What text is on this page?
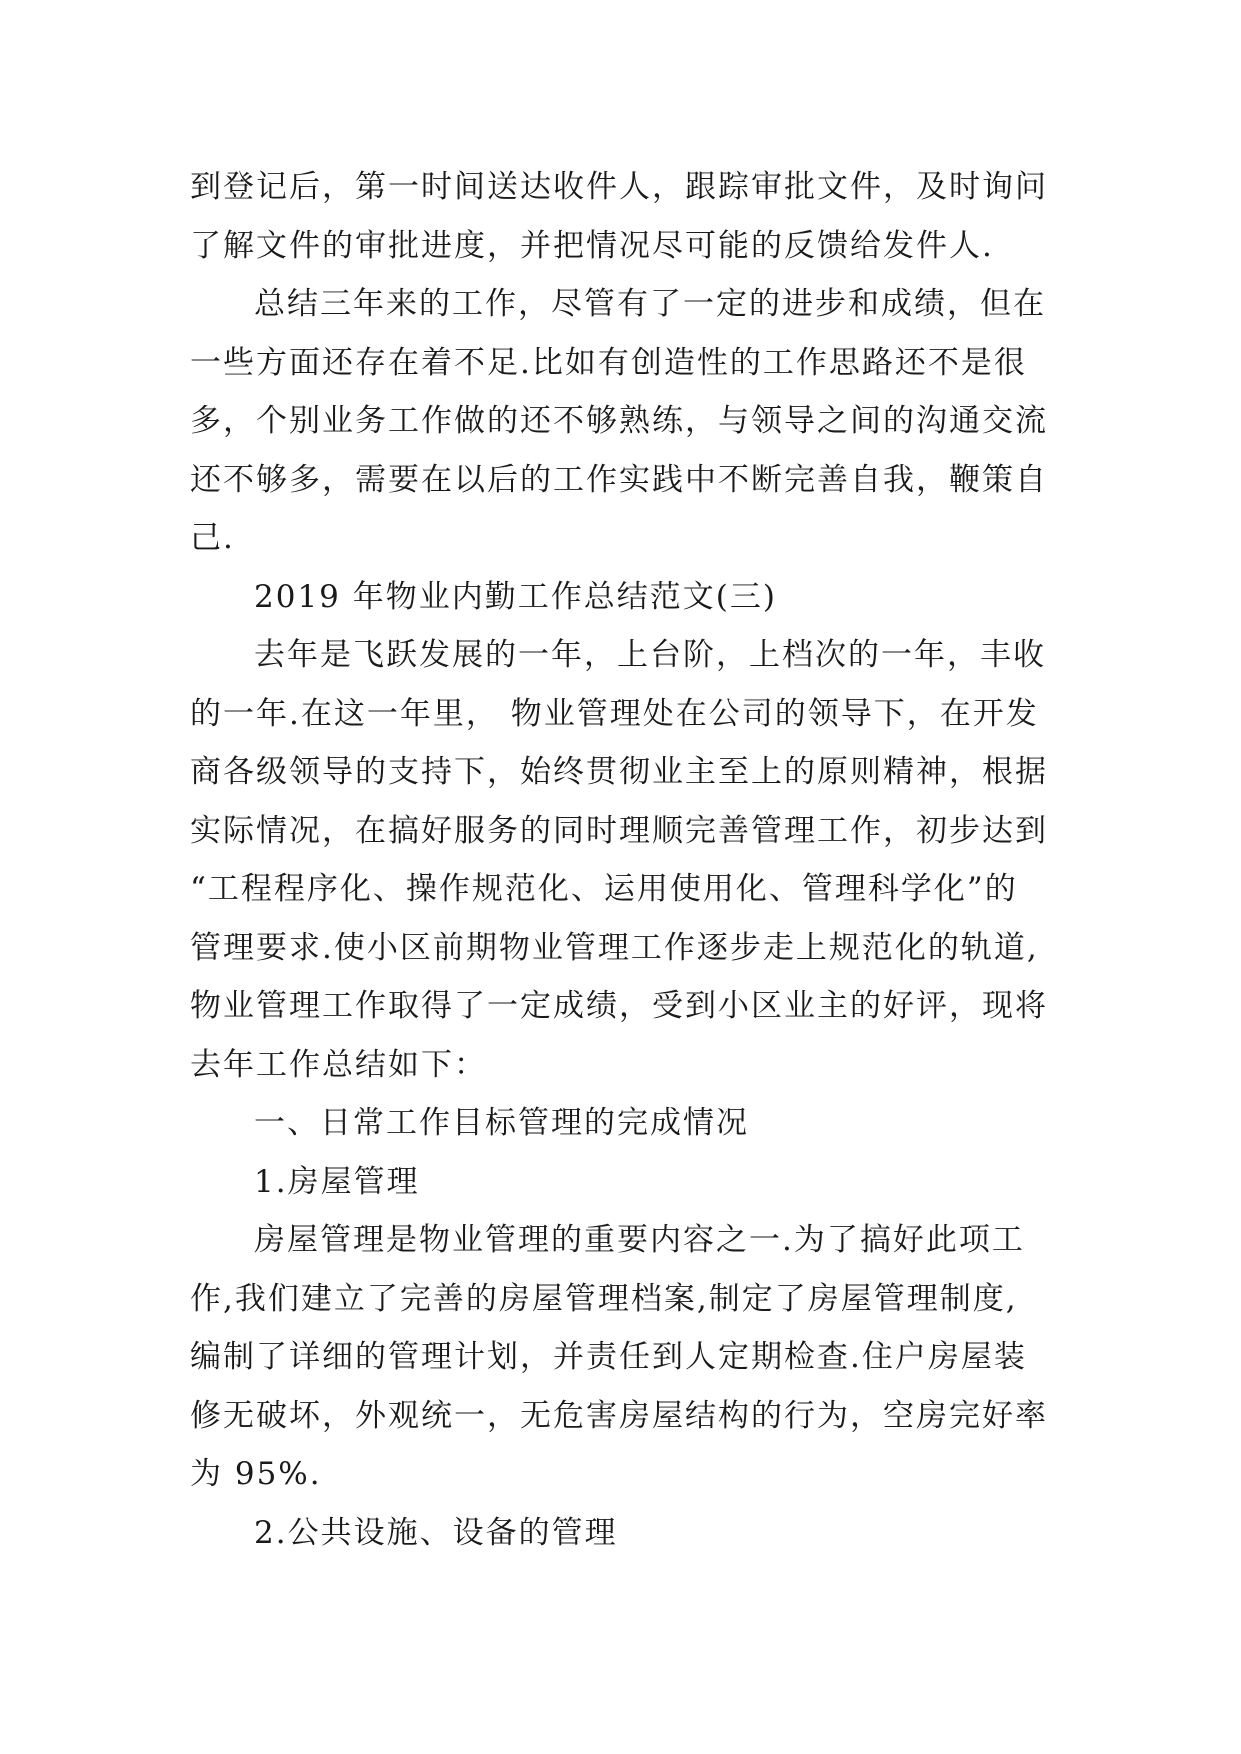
到登记后，第一时间送达收件人，跟踪审批文件，及时询问
了解文件的审批进度，并把情况尽可能的反馈给发件人.
总结三年来的工作，尽管有了一定的进步和成绩，但在
一些方面还存在着不足.比如有创造性的工作思路还不是很
多，个别业务工作做的还不够熟练，与领导之间的沟通交流
还不够多，需要在以后的工作实践中不断完善自我，鞭策自
己.
2019 年物业内勤工作总结范文(三)
去年是飞跃发展的一年，上台阶，上档次的一年，丰收
的一年.在这一年里， 物业管理处在公司的领导下，在开发
商各级领导的支持下，始终贯彻业主至上的原则精神，根据
实际情况，在搞好服务的同时理顺完善管理工作，初步达到
“工程程序化、操作规范化、运用使用化、管理科学化”的
管理要求.使小区前期物业管理工作逐步走上规范化的轨道,
物业管理工作取得了一定成绩，受到小区业主的好评，现将
去年工作总结如下：
一、日常工作目标管理的完成情况
1.房屋管理
房屋管理是物业管理的重要内容之一.为了搞好此项工
作,我们建立了完善的房屋管理档案,制定了房屋管理制度,
编制了详细的管理计划，并责任到人定期检查.住户房屋装
修无破坏，外观统一，无危害房屋结构的行为，空房完好率
为 95%.
2.公共设施、设备的管理
